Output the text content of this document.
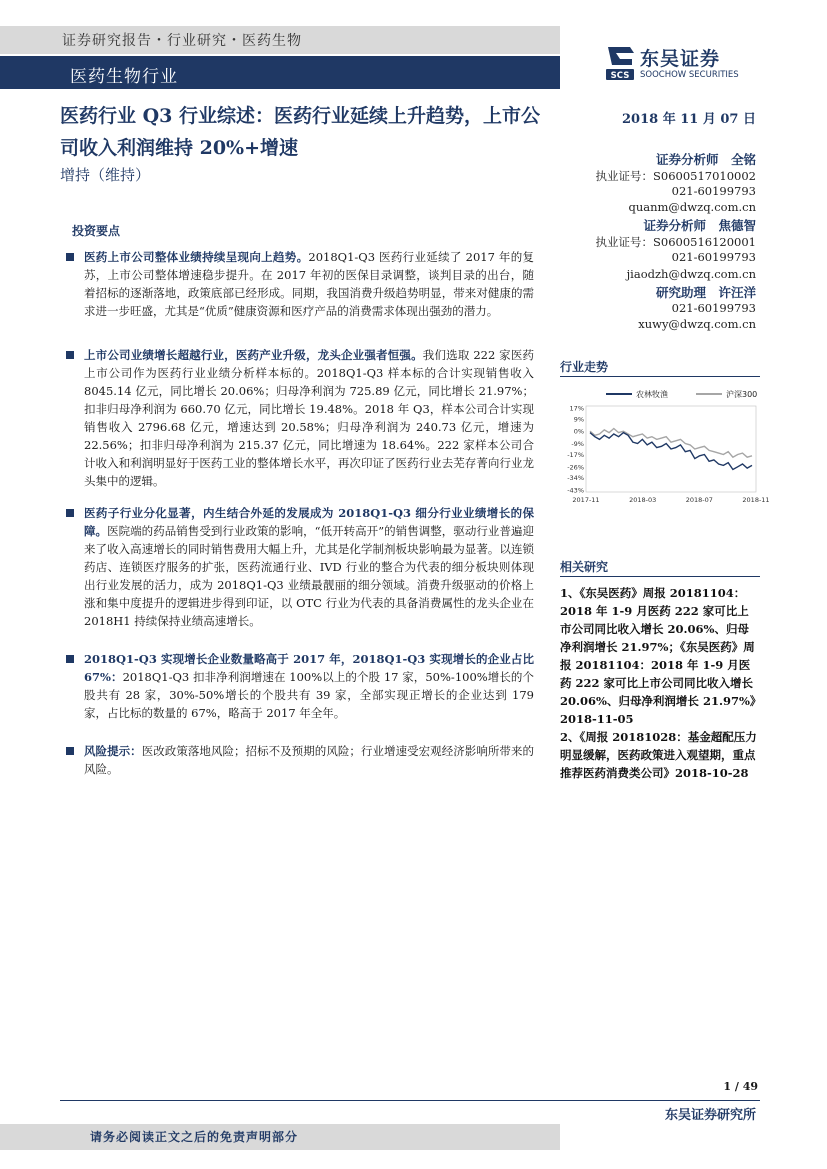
证券研究报告・行业研究・医药生物
医药生物行业	SCS
东吴证券
SOOCHOW SECURITIES
医药行业 Q3 行业综述：医药行业延续上升趋势，上市公司收入利润维持 20%+增速
增持（维持）
2018 年 11 月 07 日
证券分析师　全铭
执业证号：S0600517010002
021-60199793
quanm@dwzq.com.cn
证券分析师　焦德智
执业证号：S0600516120001
021-60199793
jiaodzh@dwzq.com.cn
研究助理　许汪洋
021-60199793
xuwy@dwzq.com.cn
投资要点
医药上市公司整体业绩持续呈现向上趋势。2018Q1-Q3 医药行业延续了 2017 年的复苏，上市公司整体增速稳步提升。在 2017 年初的医保目录调整，谈判目录的出台，随着招标的逐渐落地，政策底部已经形成。同期，我国消费升级趋势明显，带来对健康的需求进一步旺盛，尤其是“优质”健康资源和医疗产品的消费需求体现出强劲的潜力。
上市公司业绩增长超越行业，医药产业升级，龙头企业强者恒强。我们选取 222 家医药上市公司作为医药行业业绩分析样本标的。2018Q1-Q3 样本标的合计实现销售收入 8045.14 亿元，同比增长 20.06%；归母净利润为 725.89 亿元，同比增长 21.97%；扣非归母净利润为 660.70 亿元，同比增长 19.48%。2018 年 Q3，样本公司合计实现销售收入 2796.68 亿元，增速达到 20.58%；归母净利润为 240.73 亿元，增速为 22.56%；扣非归母净利润为 215.37 亿元，同比增速为 18.64%。222 家样本公司合计收入和利润明显好于医药工业的整体增长水平，再次印证了医药行业去芜存菁向行业龙头集中的逻辑。
医药子行业分化显著，内生结合外延的发展成为 2018Q1-Q3 细分行业业绩增长的保障。医院端的药品销售受到行业政策的影响，“低开转高开”的销售调整，驱动行业普遍迎来了收入高速增长的同时销售费用大幅上升，尤其是化学制剂板块影响最为显著。以连锁药店、连锁医疗服务的扩张，医药流通行业、IVD 行业的整合为代表的细分板块则体现出行业发展的活力，成为 2018Q1-Q3 业绩最靓丽的细分领域。消费升级驱动的价格上涨和集中度提升的逻辑进步得到印证，以 OTC 行业为代表的具备消费属性的龙头企业在 2018H1 持续保持业绩高速增长。
2018Q1-Q3 实现增长企业数量略高于 2017 年，2018Q1-Q3 实现增长的企业占比 67%：2018Q1-Q3 扣非净利润增速在 100%以上的个股 17 家，50%-100%增长的个股共有 28 家，30%-50%增长的个股共有 39 家，全部实现正增长的企业达到 179 家，占比标的数量的 67%，略高于 2017 年全年。
风险提示：医改政策落地风险；招标不及预期的风险；行业增速受宏观经济影响所带来的风险。
行业走势
17%
9%
0%
-9%
-17%
-26%
-34%
-43%
2017-11	2018-03	2018-07	2018-11
农林牧渔	沪深300
相关研究
1、《东吴医药》周报 20181104：2018 年 1-9 月医药 222 家可比上市公司同比收入增长 20.06%、归母净利润增长 21.97%；《东吴医药》周报 20181104：2018 年 1-9 月医药 222 家可比上市公司同比收入增长 20.06%、归母净利润增长 21.97%》2018-11-05
2、《周报 20181028：基金超配压力明显缓解，医药政策进入观望期，重点推荐医药消费类公司》2018-10-28
1 / 49
东吴证券研究所
请务必阅读正文之后的免责声明部分
